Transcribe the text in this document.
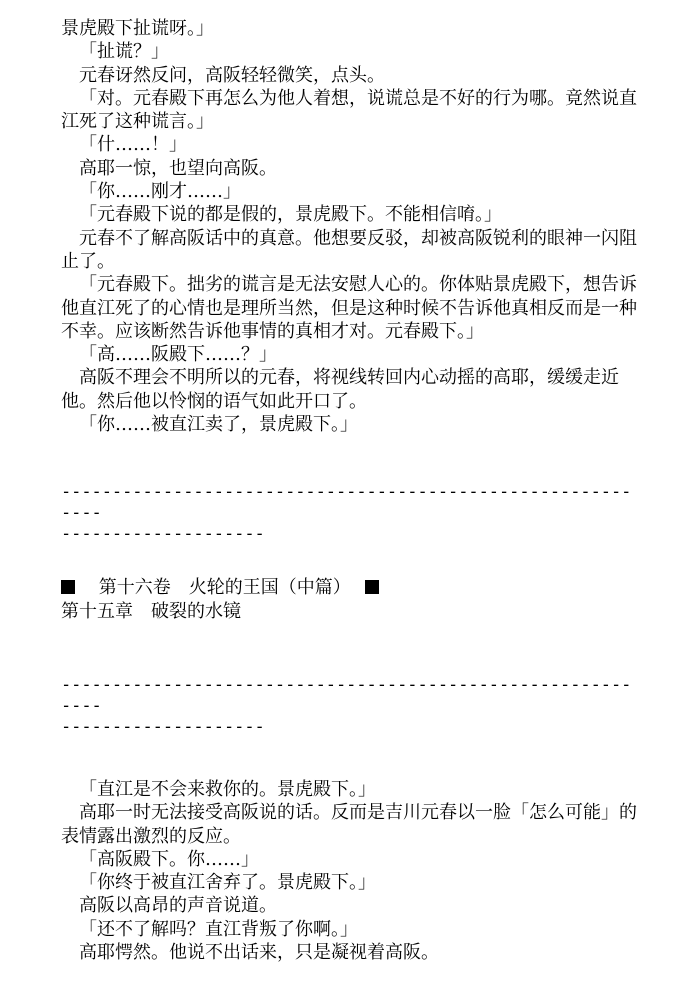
景虎殿下扯谎呀。」

「扯谎？」

元春讶然反问，高阪轻轻微笑，点头。

「对。元春殿下再怎么为他人着想，说谎总是不好的行为哪。竟然说直江死了这种谎言。」

「什……！」

高耶一惊，也望向高阪。

「你……刚才……」

「元春殿下说的都是假的，景虎殿下。不能相信唷。」

元春不了解高阪话中的真意。他想要反驳，却被高阪锐利的眼神一闪阻止了。

「元春殿下。拙劣的谎言是无法安慰人心的。你体贴景虎殿下，想告诉他直江死了的心情也是理所当然，但是这种时候不告诉他真相反而是一种不幸。应该断然告诉他事情的真相才对。元春殿下。」

「高……阪殿下……？」

高阪不理会不明所以的元春，将视线转回内心动摇的高耶，缓缓走近他。然后他以怜悯的语气如此开口了。

「你……被直江卖了，景虎殿下。」

------------------------------------------------------------

--------------------

　第十六卷　火轮的王国（中篇）　

第十五章　破裂的水镜

------------------------------------------------------------

--------------------

「直江是不会来救你的。景虎殿下。」

高耶一时无法接受高阪说的话。反而是吉川元春以一脸「怎么可能」的表情露出激烈的反应。

「高阪殿下。你……」

「你终于被直江舍弃了。景虎殿下。」

高阪以高昂的声音说道。

「还不了解吗？直江背叛了你啊。」

高耶愕然。他说不出话来，只是凝视着高阪。
